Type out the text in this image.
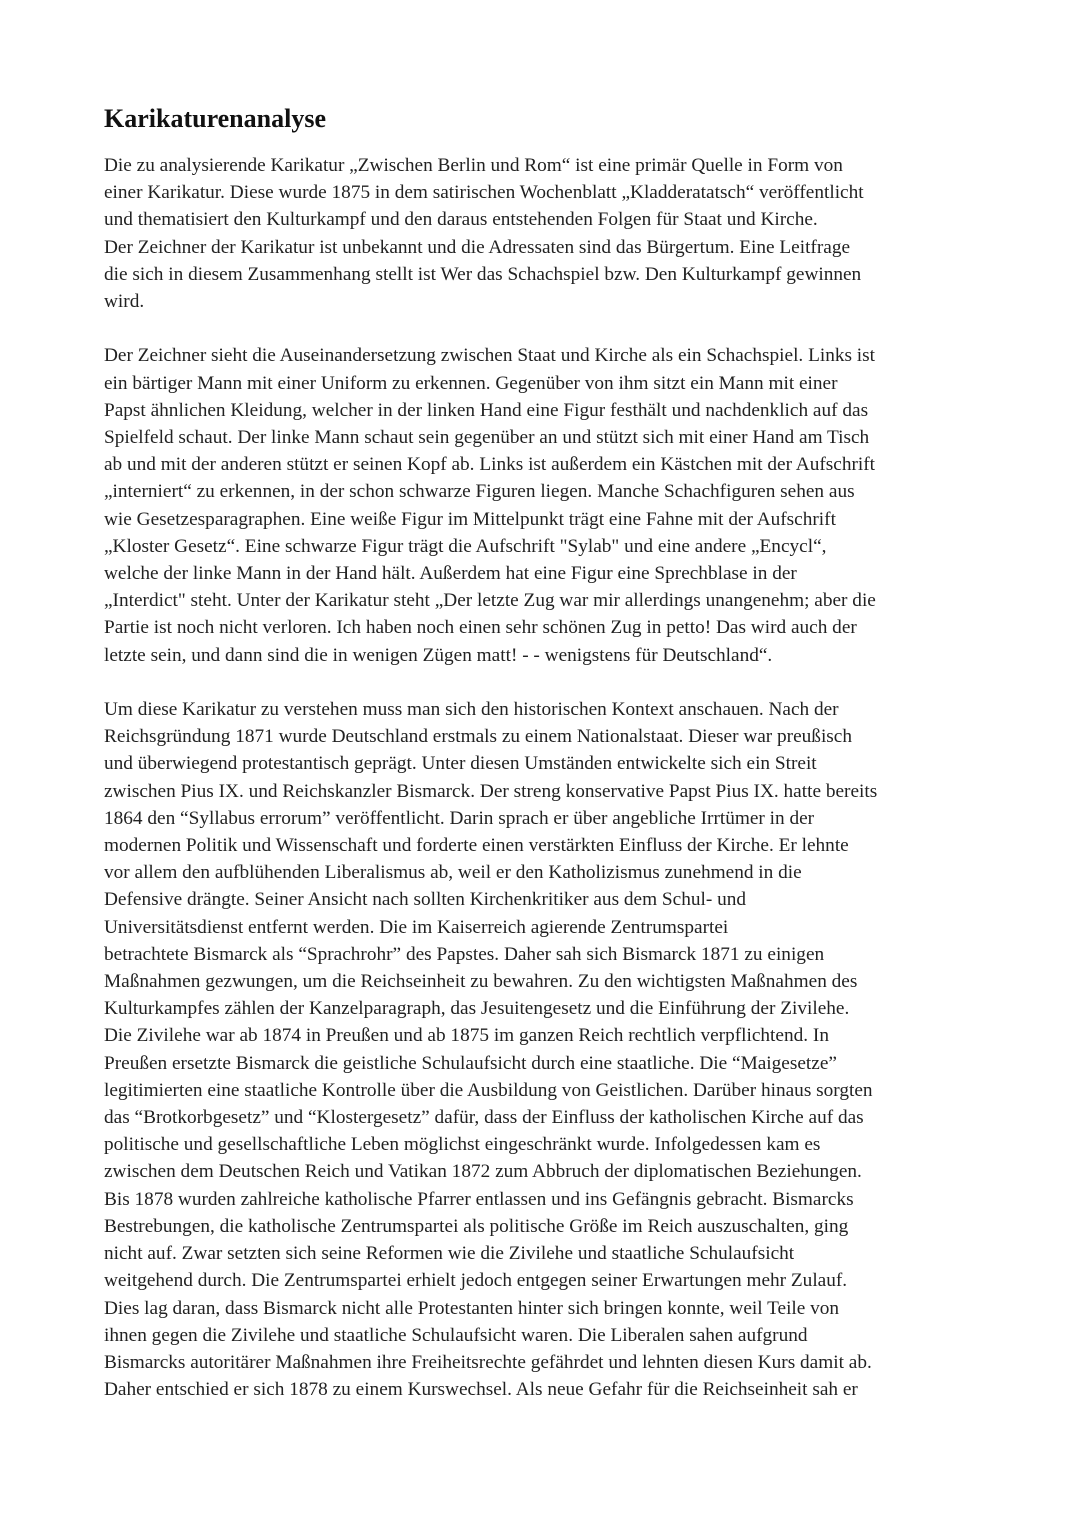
Karikaturenanalyse

Die zu analysierende Karikatur „Zwischen Berlin und Rom“ ist eine primär Quelle in Form von
einer Karikatur. Diese wurde 1875 in dem satirischen Wochenblatt „Kladderatatsch“ veröffentlicht
und thematisiert den Kulturkampf und den daraus entstehenden Folgen für Staat und Kirche.
Der Zeichner der Karikatur ist unbekannt und die Adressaten sind das Bürgertum. Eine Leitfrage
die sich in diesem Zusammenhang stellt ist Wer das Schachspiel bzw. Den Kulturkampf gewinnen
wird.

Der Zeichner sieht die Auseinandersetzung zwischen Staat und Kirche als ein Schachspiel. Links ist
ein bärtiger Mann mit einer Uniform zu erkennen. Gegenüber von ihm sitzt ein Mann mit einer
Papst ähnlichen Kleidung, welcher in der linken Hand eine Figur festhält und nachdenklich auf das
Spielfeld schaut. Der linke Mann schaut sein gegenüber an und stützt sich mit einer Hand am Tisch
ab und mit der anderen stützt er seinen Kopf ab. Links ist außerdem ein Kästchen mit der Aufschrift
„interniert“ zu erkennen, in der schon schwarze Figuren liegen. Manche Schachfiguren sehen aus
wie Gesetzesparagraphen. Eine weiße Figur im Mittelpunkt trägt eine Fahne mit der Aufschrift
„Kloster Gesetz“. Eine schwarze Figur trägt die Aufschrift "Sylab" und eine andere „Encycl“,
welche der linke Mann in der Hand hält. Außerdem hat eine Figur eine Sprechblase in der
„Interdict" steht. Unter der Karikatur steht „Der letzte Zug war mir allerdings unangenehm; aber die
Partie ist noch nicht verloren. Ich haben noch einen sehr schönen Zug in petto! Das wird auch der
letzte sein, und dann sind die in wenigen Zügen matt! - - wenigstens für Deutschland“.

Um diese Karikatur zu verstehen muss man sich den historischen Kontext anschauen. Nach der
Reichsgründung 1871 wurde Deutschland erstmals zu einem Nationalstaat. Dieser war preußisch
und überwiegend protestantisch geprägt. Unter diesen Umständen entwickelte sich ein Streit
zwischen Pius IX. und Reichskanzler Bismarck. Der streng konservative Papst Pius IX. hatte bereits
1864 den “Syllabus errorum” veröffentlicht. Darin sprach er über angebliche Irrtümer in der
modernen Politik und Wissenschaft und forderte einen verstärkten Einfluss der Kirche. Er lehnte
vor allem den aufblühenden Liberalismus ab, weil er den Katholizismus zunehmend in die
Defensive drängte. Seiner Ansicht nach sollten Kirchenkritiker aus dem Schul- und
Universitätsdienst entfernt werden. Die im Kaiserreich agierende Zentrumspartei
betrachtete Bismarck als “Sprachrohr” des Papstes. Daher sah sich Bismarck 1871 zu einigen
Maßnahmen gezwungen, um die Reichseinheit zu bewahren. Zu den wichtigsten Maßnahmen des
Kulturkampfes zählen der Kanzelparagraph, das Jesuitengesetz und die Einführung der Zivilehe.
Die Zivilehe war ab 1874 in Preußen und ab 1875 im ganzen Reich rechtlich verpflichtend. In
Preußen ersetzte Bismarck die geistliche Schulaufsicht durch eine staatliche. Die “Maigesetze”
legitimierten eine staatliche Kontrolle über die Ausbildung von Geistlichen. Darüber hinaus sorgten
das “Brotkorbgesetz” und “Klostergesetz” dafür, dass der Einfluss der katholischen Kirche auf das
politische und gesellschaftliche Leben möglichst eingeschränkt wurde. Infolgedessen kam es
zwischen dem Deutschen Reich und Vatikan 1872 zum Abbruch der diplomatischen Beziehungen.
Bis 1878 wurden zahlreiche katholische Pfarrer entlassen und ins Gefängnis gebracht. Bismarcks
Bestrebungen, die katholische Zentrumspartei als politische Größe im Reich auszuschalten, ging
nicht auf. Zwar setzten sich seine Reformen wie die Zivilehe und staatliche Schulaufsicht
weitgehend durch. Die Zentrumspartei erhielt jedoch entgegen seiner Erwartungen mehr Zulauf.
Dies lag daran, dass Bismarck nicht alle Protestanten hinter sich bringen konnte, weil Teile von
ihnen gegen die Zivilehe und staatliche Schulaufsicht waren. Die Liberalen sahen aufgrund
Bismarcks autoritärer Maßnahmen ihre Freiheitsrechte gefährdet und lehnten diesen Kurs damit ab.
Daher entschied er sich 1878 zu einem Kurswechsel. Als neue Gefahr für die Reichseinheit sah er
